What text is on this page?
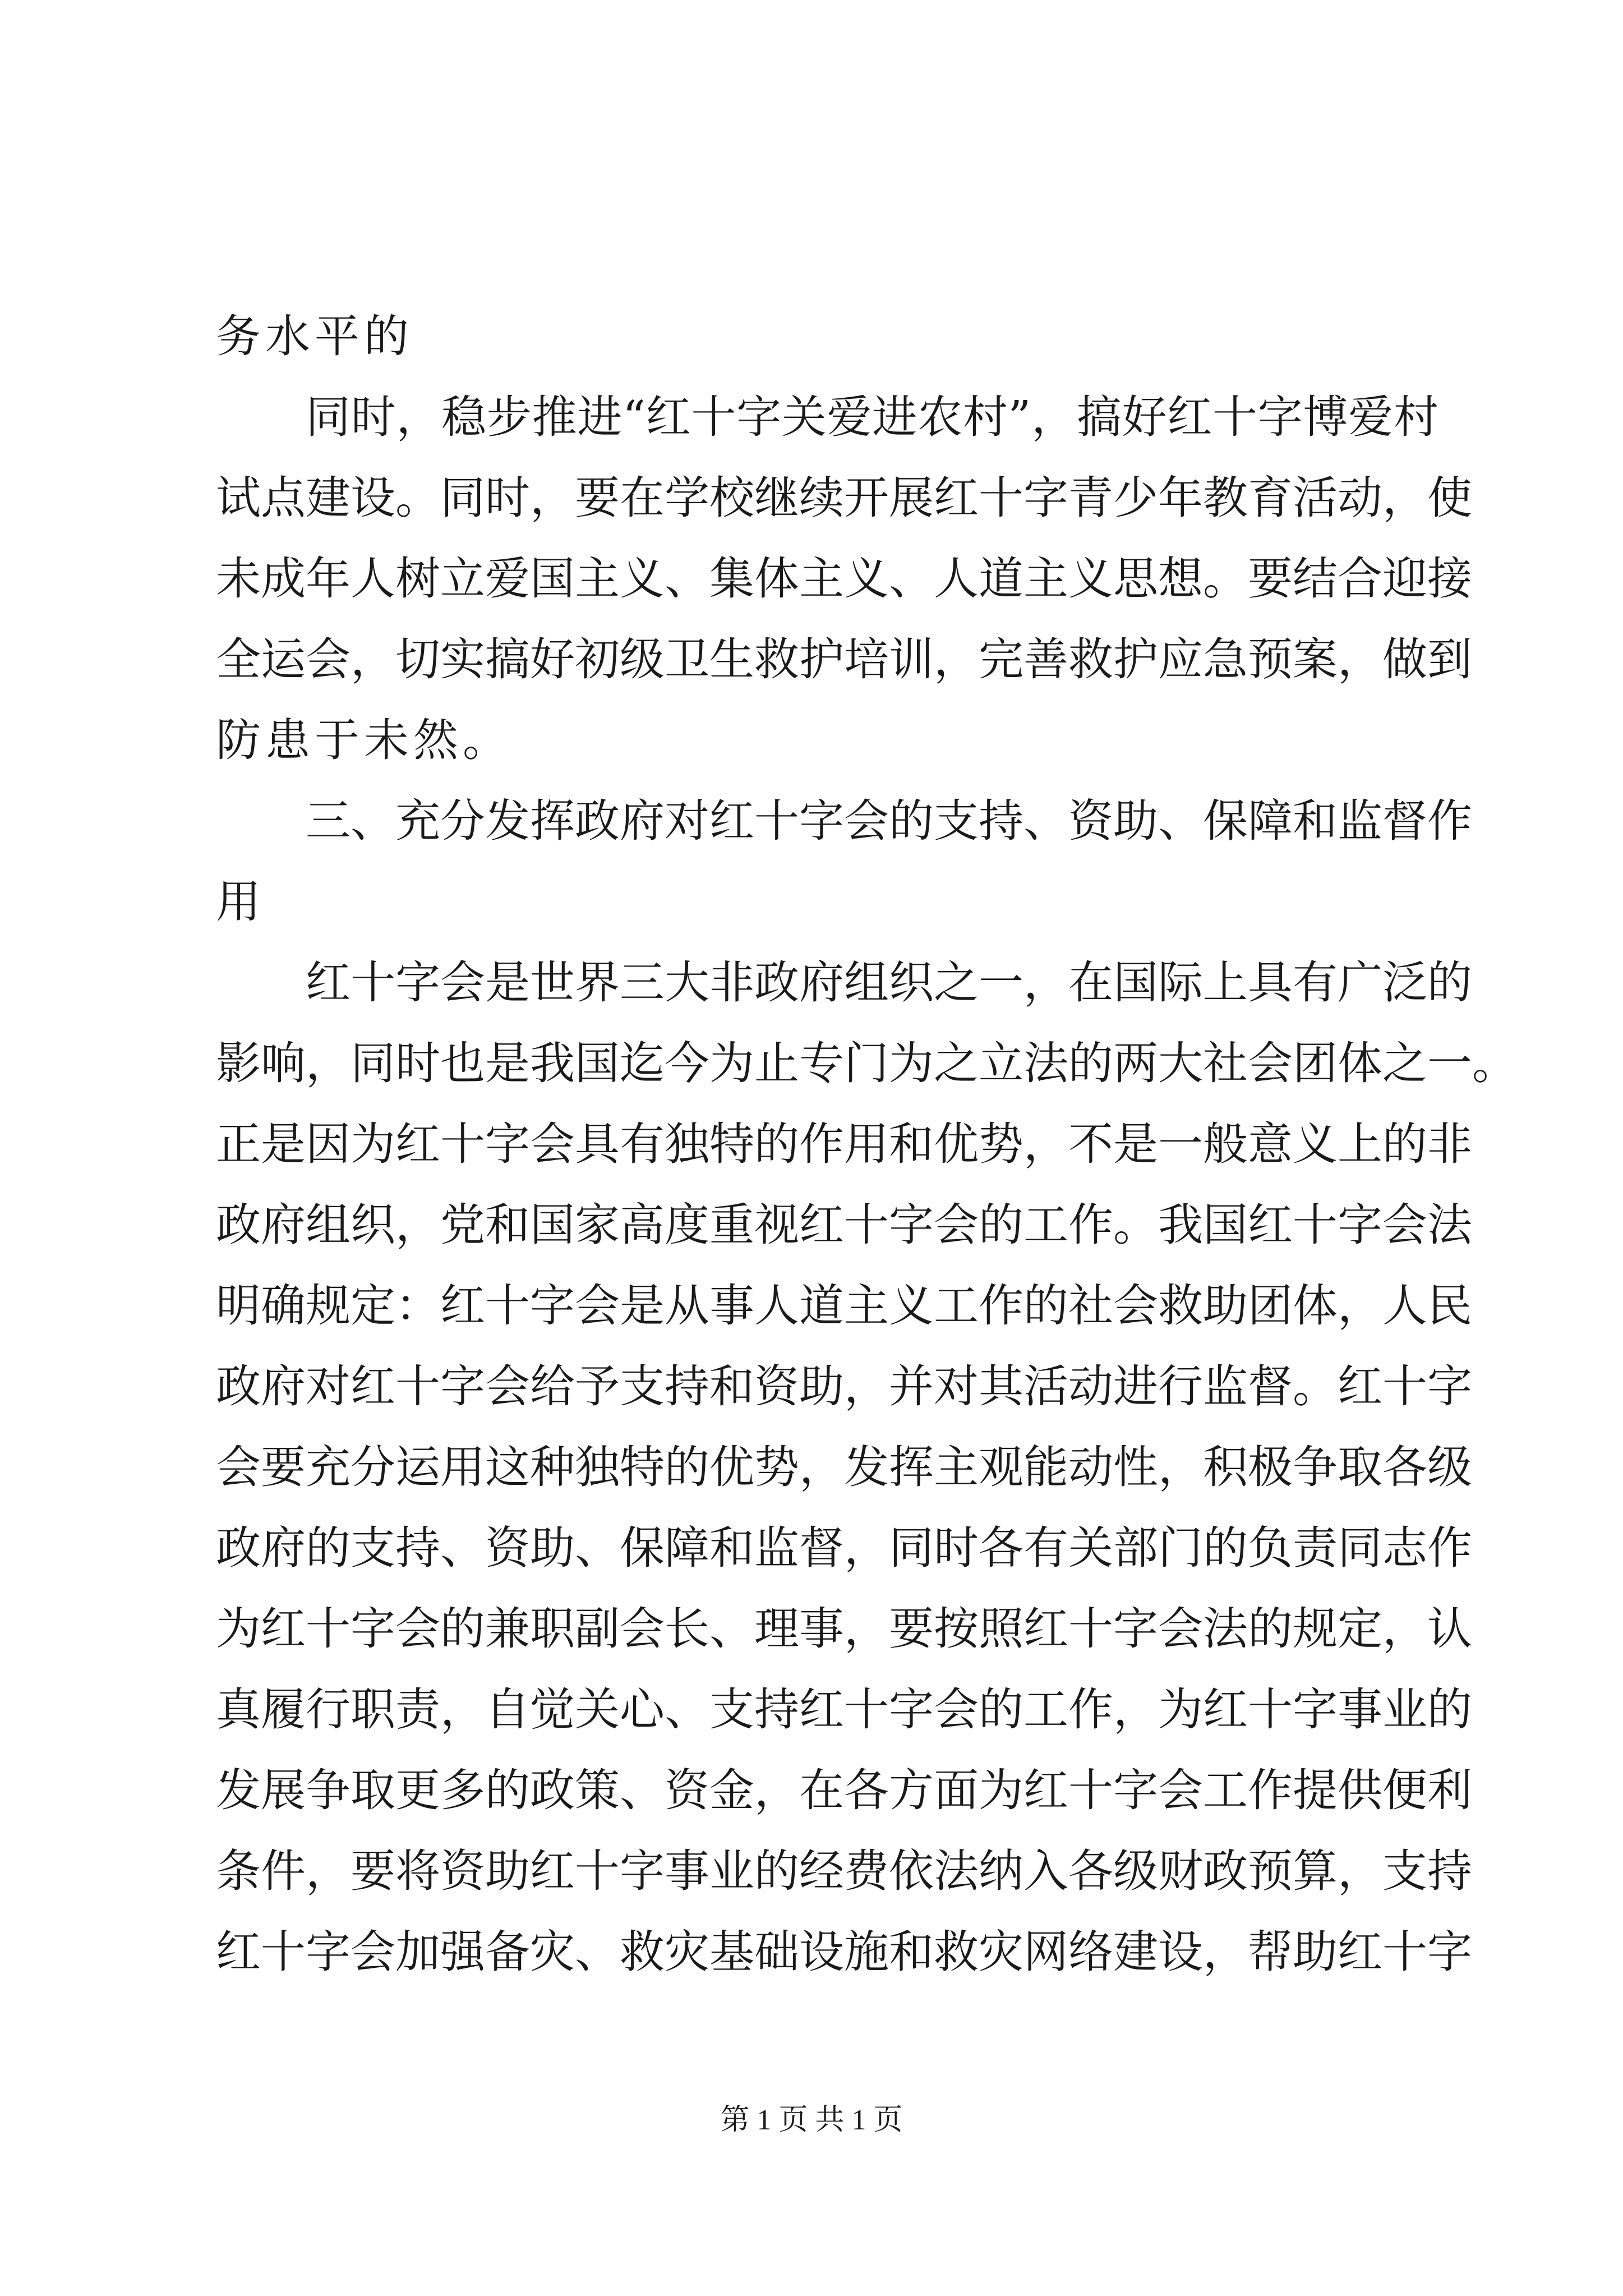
务水平的
同时，稳步推进“红十字关爱进农村”，搞好红十字博爱村
试点建设。同时，要在学校继续开展红十字青少年教育活动，使
未成年人树立爱国主义、集体主义、人道主义思想。要结合迎接
全运会，切实搞好初级卫生救护培训，完善救护应急预案，做到
防患于未然。
三、充分发挥政府对红十字会的支持、资助、保障和监督作
用
红十字会是世界三大非政府组织之一，在国际上具有广泛的
影响，同时也是我国迄今为止专门为之立法的两大社会团体之一。
正是因为红十字会具有独特的作用和优势，不是一般意义上的非
政府组织，党和国家高度重视红十字会的工作。我国红十字会法
明确规定：红十字会是从事人道主义工作的社会救助团体，人民
政府对红十字会给予支持和资助，并对其活动进行监督。红十字
会要充分运用这种独特的优势，发挥主观能动性，积极争取各级
政府的支持、资助、保障和监督，同时各有关部门的负责同志作
为红十字会的兼职副会长、理事，要按照红十字会法的规定，认
真履行职责，自觉关心、支持红十字会的工作，为红十字事业的
发展争取更多的政策、资金，在各方面为红十字会工作提供便利
条件，要将资助红十字事业的经费依法纳入各级财政预算，支持
红十字会加强备灾、救灾基础设施和救灾网络建设，帮助红十字
第 1 页 共 1 页
